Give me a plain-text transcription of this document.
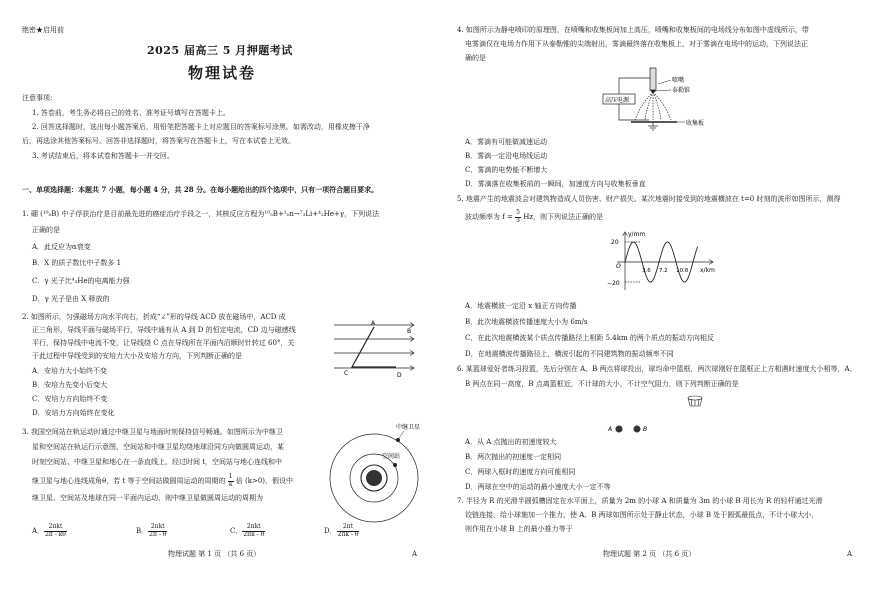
绝密★启用前
2025 届高三 5 月押题考试
物理试卷
注意事项:
1. 答卷前，考生务必将自己的姓名、准考证号填写在答题卡上。
2. 回答选择题时，选出每小题答案后，用铅笔把答题卡上对应题目的答案标号涂黑。如需改动，用橡皮擦干净
后，再选涂其他答案标号。回答非选择题时，将答案写在答题卡上，写在本试卷上无效。
3. 考试结束后，将本试卷和答题卡一并交回。
一、单项选择题：本题共 7 小题，每小题 4 分，共 28 分。在每小题给出的四个选项中，只有一项符合题目要求。
1. 硼 (¹⁰₅B) 中子俘获治疗是目前最先进的癌症治疗手段之一，其核反应方程为¹⁰₅B+¹₀n→⁷₃Li+⁴₂He+γ，下列说法
正确的是
A．此反应为α衰变
B．X 的质子数比中子数多 1
C．γ 光子比⁴₂He的电离能力强
D．γ 光子是由 X 释放的
2. 如图所示，匀强磁场方向水平向右，折成“∠”形的导线 ACD 放在磁场中，ACD 成
正三角形，导线平面与磁场平行，导线中通有从 A 到 D 的恒定电流，CD 边与磁感线
平行，保持导线中电流不变，让导线绕 C 点在导线所在平面内沿顺时针转过 60°，关
于此过程中导线受到的安培力大小及安培力方向，下列判断正确的是
A．安培力大小始终不变
B．安培力先变小后变大
C．安培力方向始终不变
D．安培力方向始终在变化
A
B
C	D
3. 我国空间站在轨运动时通过中继卫星与地面时刻保持信号畅通。如图所示为中继卫
星和空间站在轨运行示意图，空间站和中继卫星均绕地球沿同方向做圆周运动，某
时刻空间站、中继卫星和地心在一条直线上，经过时间 t，空间站与地心连线和中
继卫星与地心连线成角θ，若 t 等于空间站做圆周运动的周期的 $\frac{1}{k}$ 倍 (k>0)，假设中
继卫星、空间站及地球在同一平面内运动，则中继卫星做圆周运动的周期为
中继卫星
空间站
A． $\frac{\text{2πkt}}{2\pi - k\theta}$	B． $\frac{\text{2πkt}}{2\pi - \theta}$	C． $\frac{\text{2πkt}}{2\pi k - \theta}$	D． $\frac{2\pi t}{2\pi k - \theta}$
物理试题 第 1 页 （共 6 页）	A
4. 如图所示为静电喷印的原理图，在喷嘴和收集板间加上高压，喷嘴和收集板间的电场线分布如图中虚线所示，带
电雾滴仅在电场力作用下从泰勒锥的尖端射出，雾滴最终落在收集板上，对于雾滴在电场中的运动，下列说法正
确的是
高压电源
喷嘴
泰勒锥
收集板
A．雾滴有可能做减速运动
B．雾滴一定沿电场线运动
C．雾滴的电势能不断增大
D．雾滴落在收集板前的一瞬间，加速度方向与收集板垂直
5. 地震产生的地震波会对建筑物造成人员伤害、财产损失。某次地震时接受到的地震横波在 t=0 时刻的波形如图所示，测得
波动频率为 $f = \frac{5}{3}$ Hz，则下列说法正确的是
y/mm
x/km
O
20
−20
3.6 7.2 10.8
A．地震横波一定沿 x 轴正方向传播
B．此次地震横波传播速度大小为 6m/s
C．在此次地震横波某个质点传播路径上相距 5.4km 的两个质点的振动方向相反
D．在地震横波传播路径上，横波引起的不同建筑物的振动频率不同
6. 某篮球爱好者练习投篮，先后分别在 A、B 两点将球投出，球均命中篮框，两次球刚好在篮框正上方相遇时速度大小相等，A、
B 两点在同一高度，B 点离篮框近，不计球的大小，不计空气阻力，则下列判断正确的是
A	B
A．从 A 点抛出的初速度较大
B．两次抛出的初速度一定相同
C．两球入框时的速度方向可能相同
D．两球在空中的运动的最小速度大小一定不等
7. 半径为 R 的光滑半圆弧槽固定在水平面上，质量为 2m 的小球 A 和质量为 3m 的小球 B 用长为 R 的轻杆通过光滑
铰链连接，给小球施加一个推力，使 A、B 两球如图所示处于静止状态，小球 B 处于圆弧最低点，不计小球大小，
则作用在小球 B 上的最小推力等于
物理试题 第 2 页 （共 6 页）	A
